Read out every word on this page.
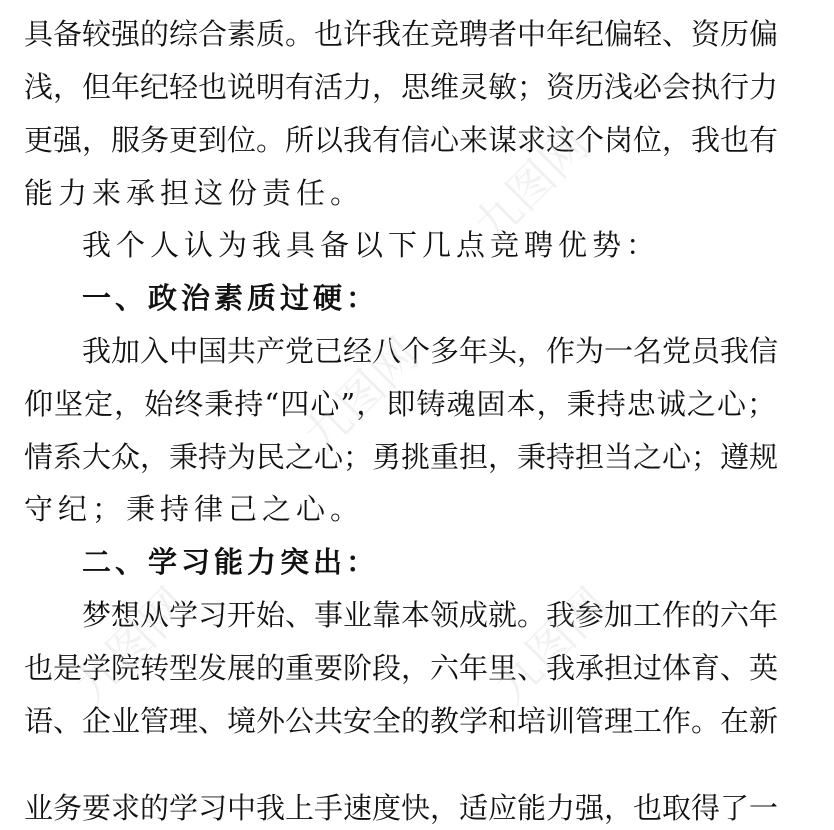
具备较强的综合素质。也许我在竞聘者中年纪偏轻、资历偏
浅，但年纪轻也说明有活力，思维灵敏；资历浅必会执行力
更强，服务更到位。所以我有信心来谋求这个岗位，我也有
能力来承担这份责任。
我个人认为我具备以下几点竞聘优势：
一、政治素质过硬：
我加入中国共产党已经八个多年头，作为一名党员我信
仰坚定，始终秉持“四心”，即铸魂固本，秉持忠诚之心；
情系大众，秉持为民之心；勇挑重担，秉持担当之心；遵规
守纪；秉持律己之心。
二、学习能力突出：
梦想从学习开始、事业靠本领成就。我参加工作的六年
也是学院转型发展的重要阶段，六年里、我承担过体育、英
语、企业管理、境外公共安全的教学和培训管理工作。在新
业务要求的学习中我上手速度快，适应能力强，也取得了一
九图网
九图网
九图网
九图网
